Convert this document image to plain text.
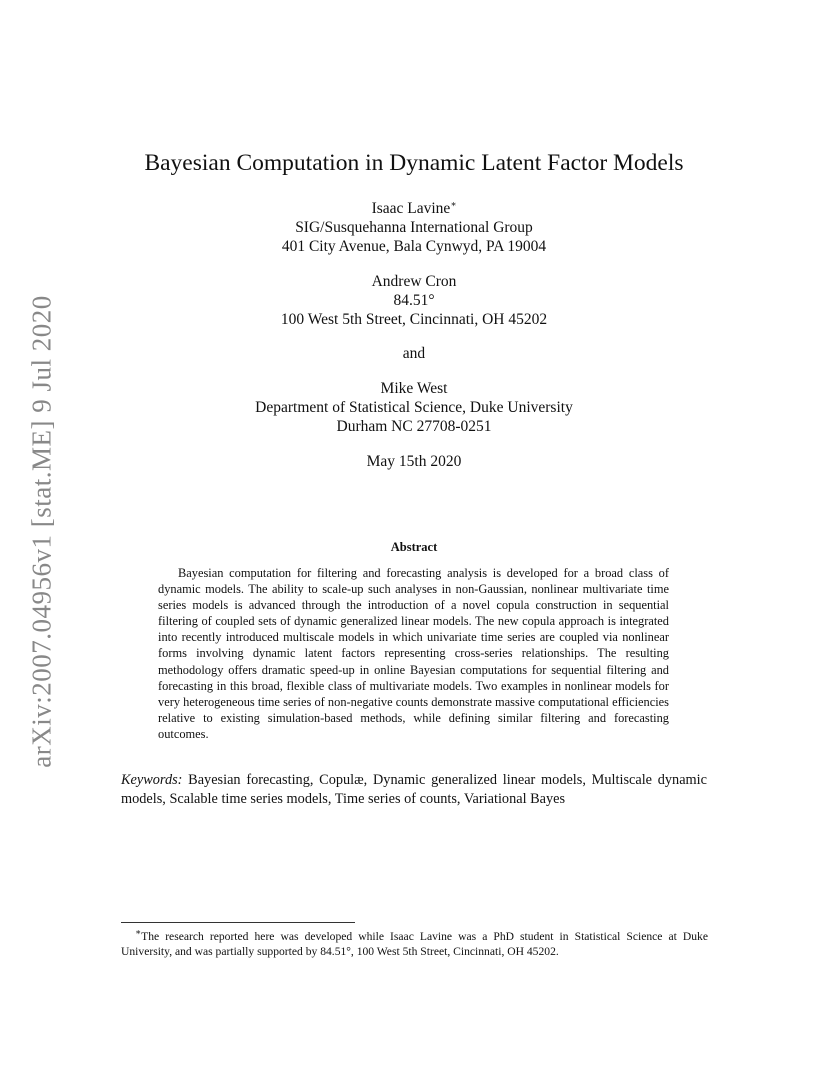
arXiv:2007.04956v1 [stat.ME] 9 Jul 2020
Bayesian Computation in Dynamic Latent Factor Models
Isaac Lavine∗
SIG/Susquehanna International Group
401 City Avenue, Bala Cynwyd, PA 19004
Andrew Cron
84.51°
100 West 5th Street, Cincinnati, OH 45202
and
Mike West
Department of Statistical Science, Duke University
Durham NC 27708-0251
May 15th 2020
Abstract
Bayesian computation for filtering and forecasting analysis is developed for a broad class of dynamic models. The ability to scale-up such analyses in non-Gaussian, nonlinear multivariate time series models is advanced through the introduction of a novel copula construction in sequential filtering of coupled sets of dynamic generalized linear models. The new copula approach is integrated into recently introduced multiscale models in which univariate time series are coupled via nonlinear forms involving dynamic latent factors representing cross-series relationships. The resulting methodology offers dramatic speed-up in online Bayesian computations for sequential filtering and forecasting in this broad, flexible class of multivariate models. Two examples in nonlinear models for very heterogeneous time series of non-negative counts demonstrate massive computational efficiencies relative to existing simulation-based methods, while defining similar filtering and forecasting outcomes.
Keywords: Bayesian forecasting, Copulæ, Dynamic generalized linear models, Multiscale dynamic models, Scalable time series models, Time series of counts, Variational Bayes
∗The research reported here was developed while Isaac Lavine was a PhD student in Statistical Science at Duke University, and was partially supported by 84.51°, 100 West 5th Street, Cincinnati, OH 45202.
